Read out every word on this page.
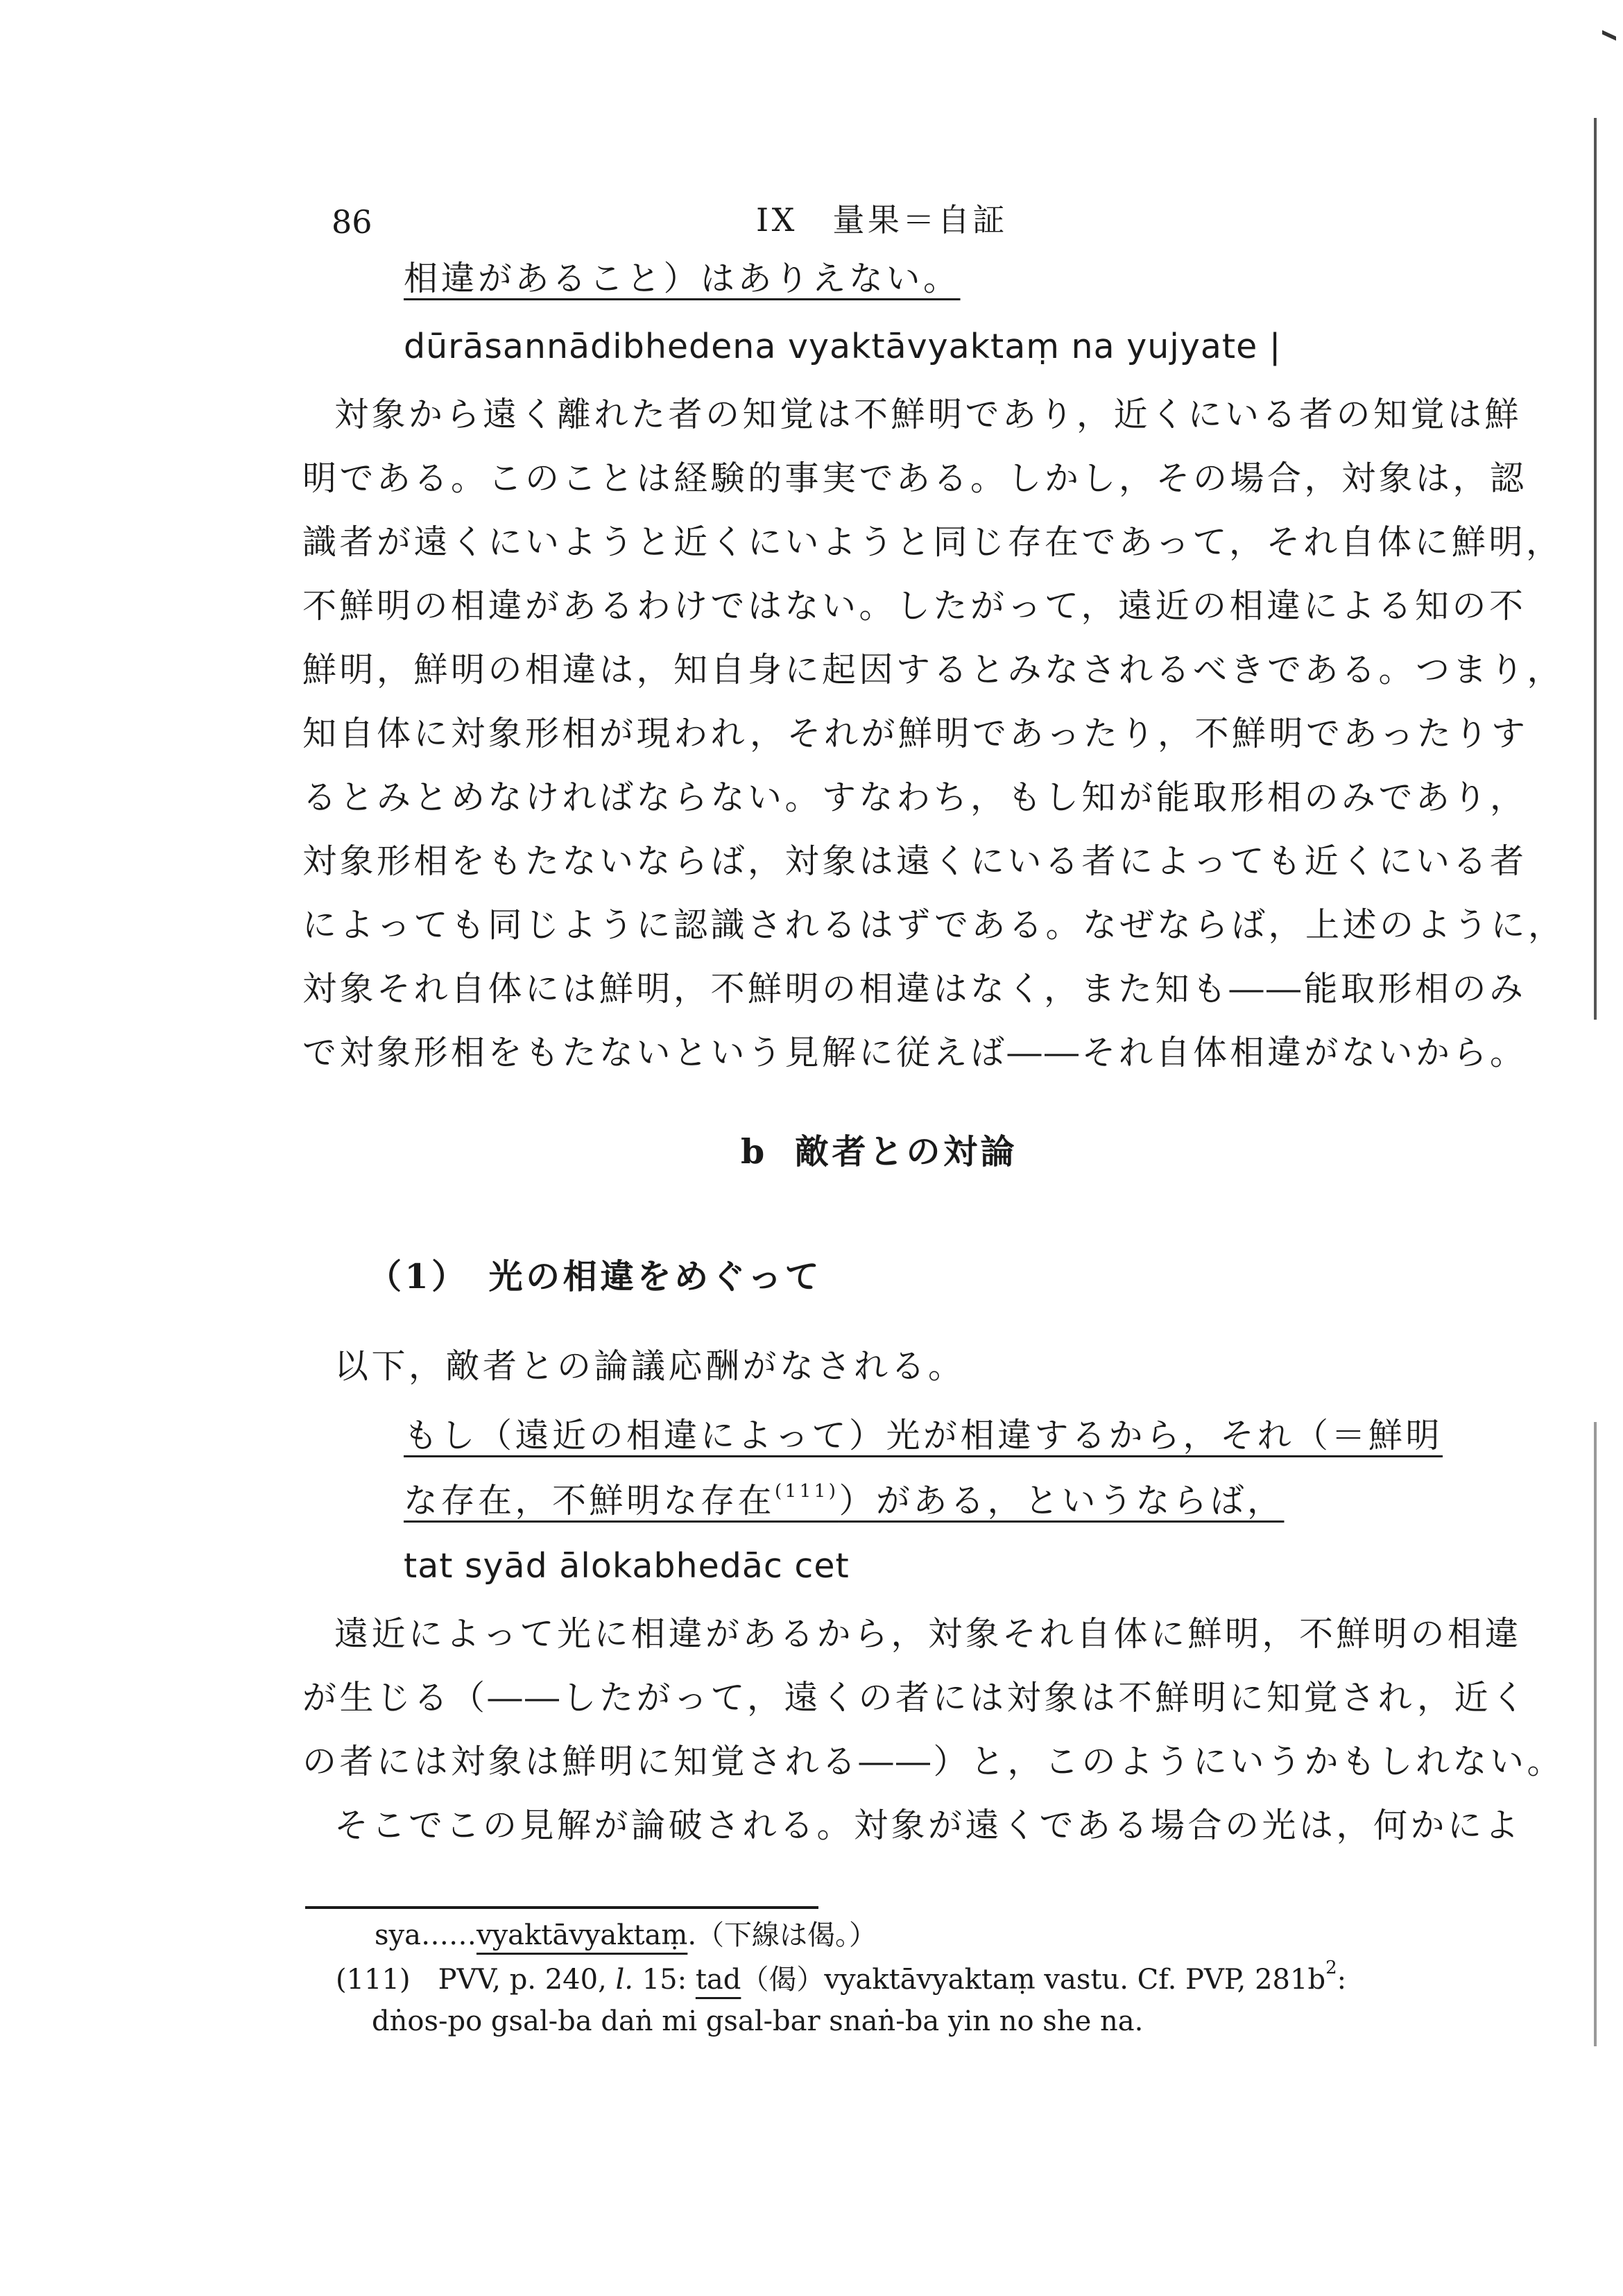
86	IX　量果＝自証
相違があること）はありえない。
dūrāsannādibhedena vyaktāvyaktaṃ na yujyate |
対象から遠く離れた者の知覚は不鮮明であり，近くにいる者の知覚は鮮
明である。このことは経験的事実である。しかし，その場合，対象は，認
識者が遠くにいようと近くにいようと同じ存在であって，それ自体に鮮明，
不鮮明の相違があるわけではない。したがって，遠近の相違による知の不
鮮明，鮮明の相違は，知自身に起因するとみなされるべきである。つまり，
知自体に対象形相が現われ，それが鮮明であったり，不鮮明であったりす
るとみとめなければならない。すなわち，もし知が能取形相のみであり，
対象形相をもたないならば，対象は遠くにいる者によっても近くにいる者
によっても同じように認識されるはずである。なぜならば，上述のように，
対象それ自体には鮮明，不鮮明の相違はなく，また知も――能取形相のみ
で対象形相をもたないという見解に従えば――それ自体相違がないから。
b 敵者との対論
（1）　光の相違をめぐって
以下，敵者との論議応酬がなされる。
もし（遠近の相違によって）光が相違するから，それ（＝鮮明
な存在，不鮮明な存在$^{(111)}$）がある，というならば，
tat syād ālokabhedāc cet
遠近によって光に相違があるから，対象それ自体に鮮明，不鮮明の相違
が生じる（――したがって，遠くの者には対象は不鮮明に知覚され，近く
の者には対象は鮮明に知覚される――）と，このようにいうかもしれない。
そこでこの見解が論破される。対象が遠くである場合の光は，何かによ
sya……vyaktāvyaktaṃ.（下線は偈。）
(111)  PVV, p. 240, l. 15: tad（偈）vyaktāvyaktaṃ vastu. Cf. PVP, $281b^2$:
dṅos-po gsal-ba daṅ mi gsal-bar snaṅ-ba yin no she na.
